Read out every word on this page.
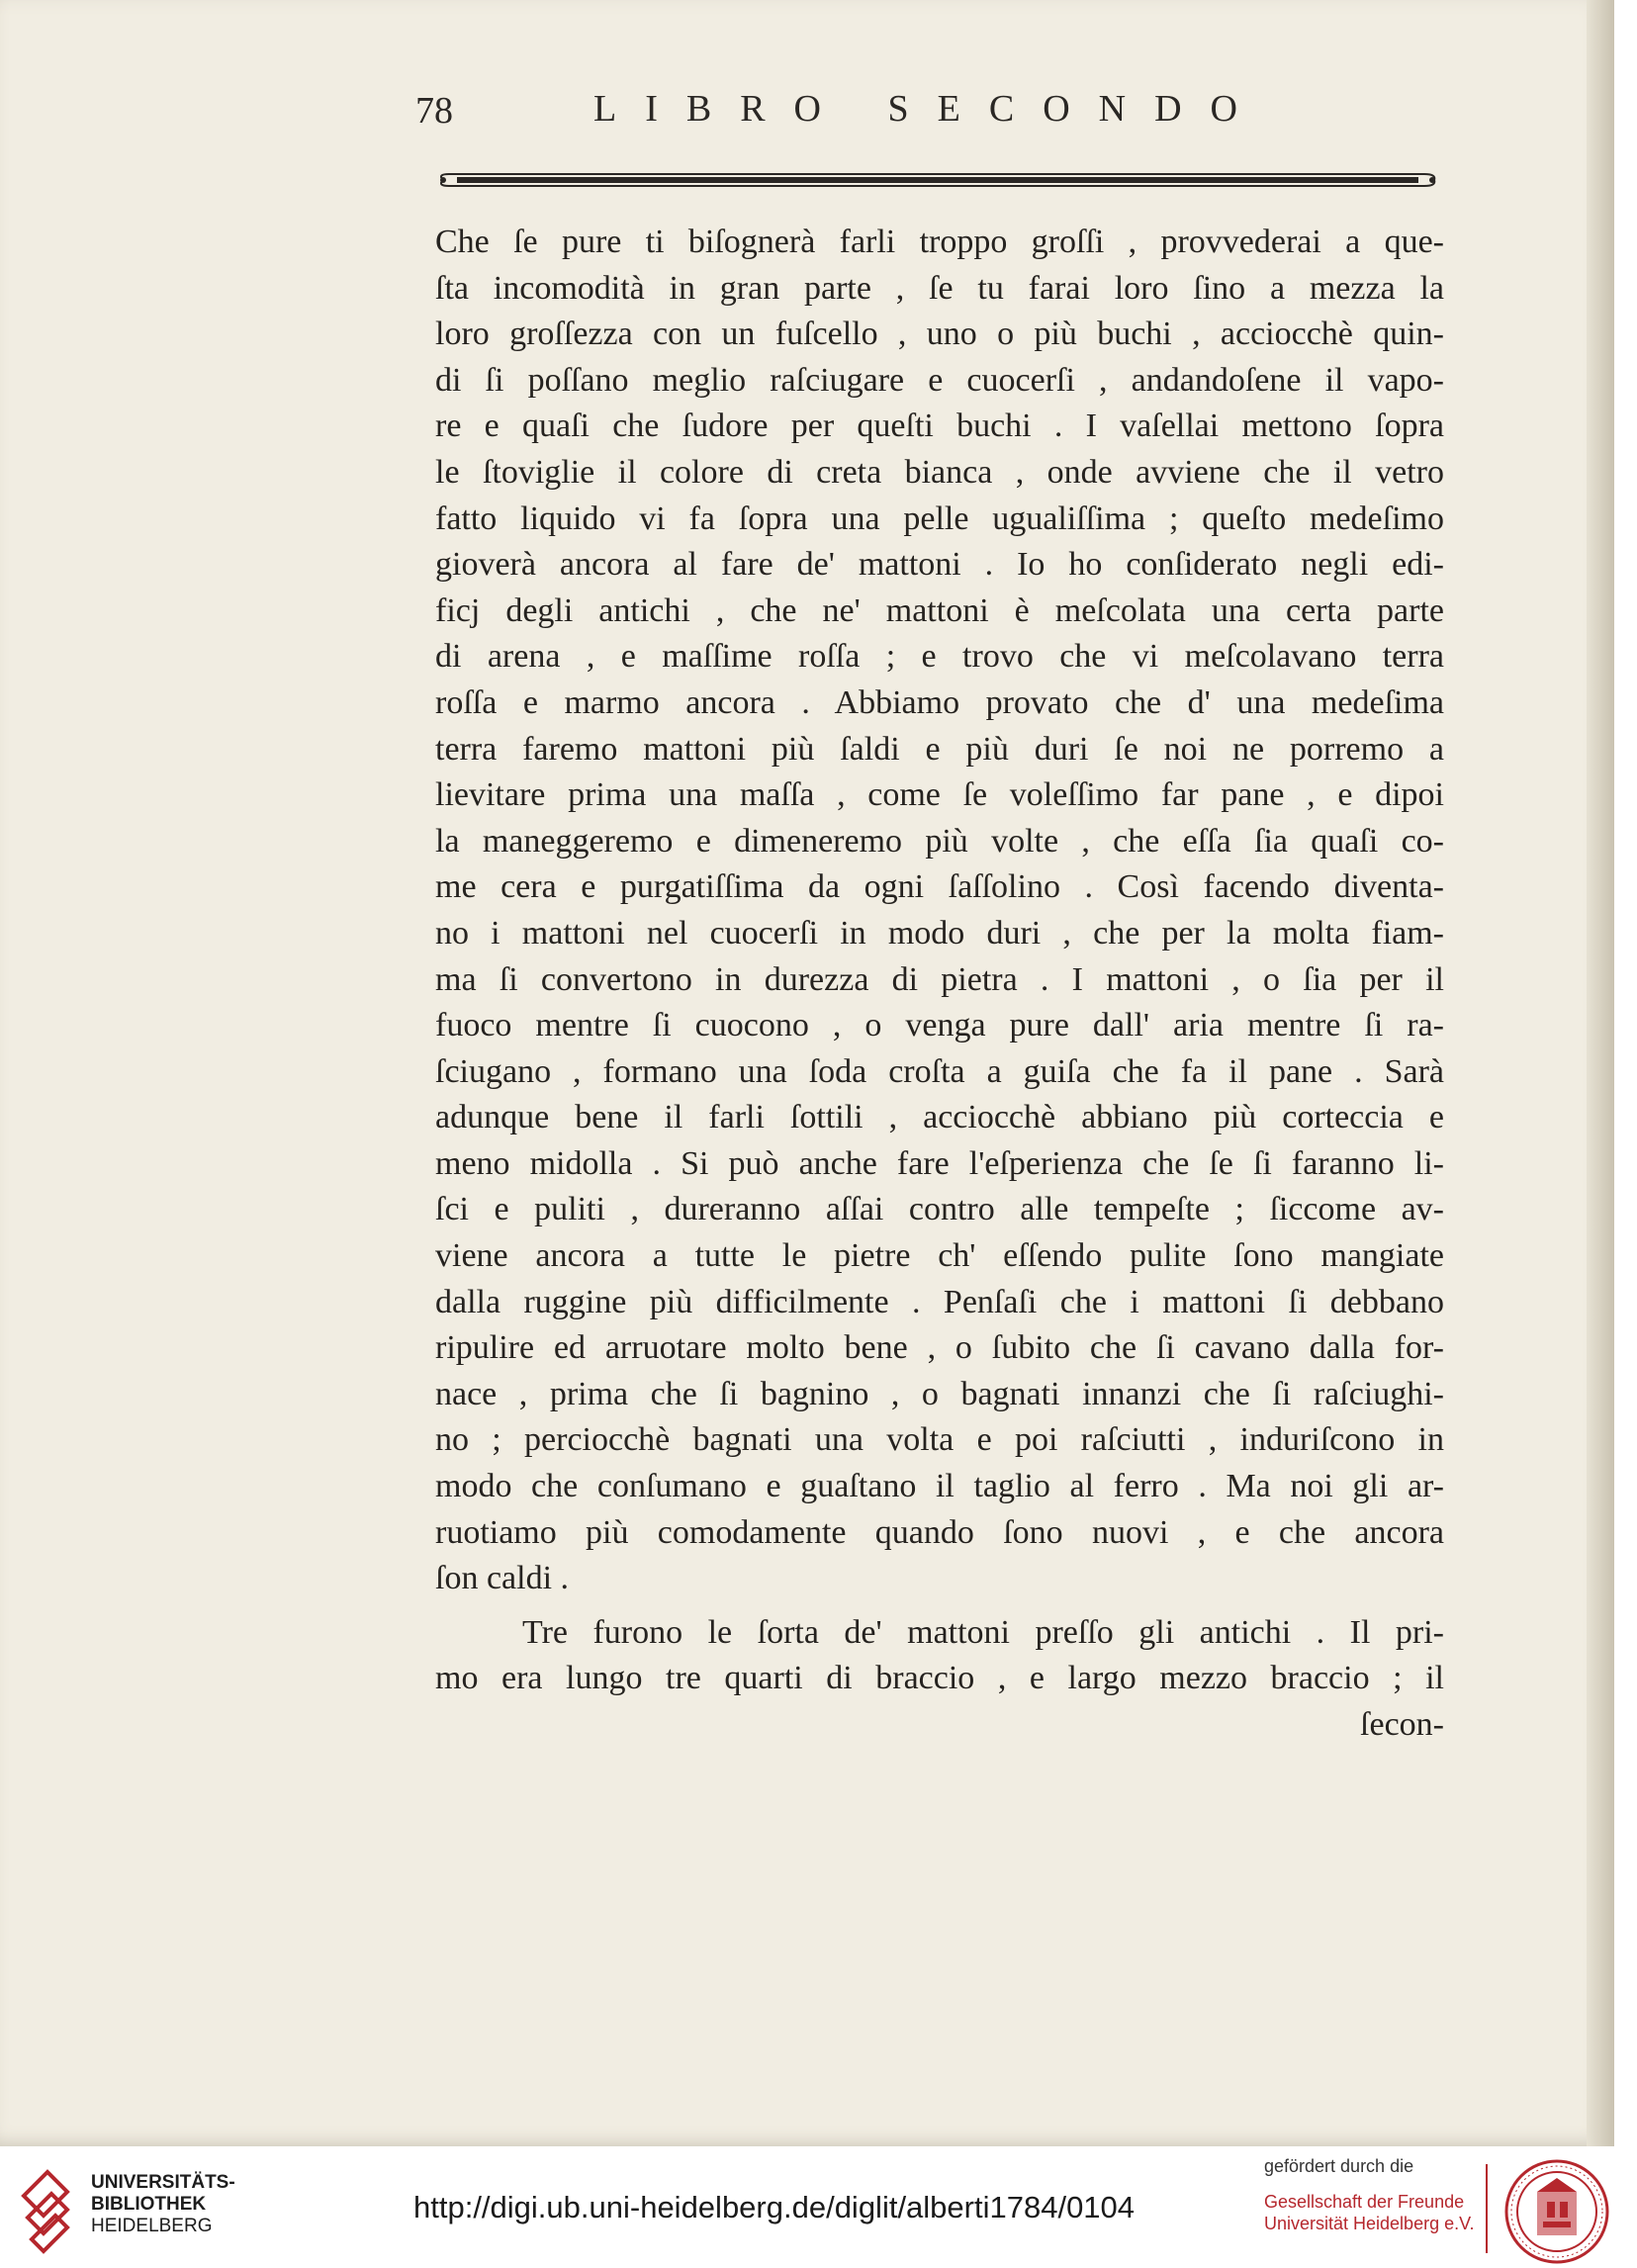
78	LIBRO SECONDO
Che ſe pure ti biſognerà farli troppo groſſi , provvederai a que-
ſta incomodità in gran parte , ſe tu farai loro ſino a mezza la
loro groſſezza con un fuſcello , uno o più buchi , acciocchè quin-
di ſi poſſano meglio raſciugare e cuocerſi , andandoſene il vapo-
re e quaſi che ſudore per queſti buchi . I vaſellai mettono ſopra
le ſtoviglie il colore di creta bianca , onde avviene che il vetro
fatto liquido vi fa ſopra una pelle ugualiſſima ; queſto medeſimo
gioverà ancora al fare de' mattoni . Io ho conſiderato negli edi-
ficj degli antichi , che ne' mattoni è meſcolata una certa parte
di arena , e maſſime roſſa ; e trovo che vi meſcolavano terra
roſſa e marmo ancora . Abbiamo provato che d' una medeſima
terra faremo mattoni più ſaldi e più duri ſe noi ne porremo a
lievitare prima una maſſa , come ſe voleſſimo far pane , e dipoi
la maneggeremo e dimeneremo più volte , che eſſa ſia quaſi co-
me cera e purgatiſſima da ogni ſaſſolino . Così facendo diventa-
no i mattoni nel cuocerſi in modo duri , che per la molta fiam-
ma ſi convertono in durezza di pietra . I mattoni , o ſia per il
fuoco mentre ſi cuocono , o venga pure dall' aria mentre ſi ra-
ſciugano , formano una ſoda croſta a guiſa che fa il pane . Sarà
adunque bene il farli ſottili , acciocchè abbiano più corteccia e
meno midolla . Si può anche fare l'eſperienza che ſe ſi faranno li-
ſci e puliti , dureranno aſſai contro alle tempeſte ; ſiccome av-
viene ancora a tutte le pietre ch' eſſendo pulite ſono mangiate
dalla ruggine più difficilmente . Penſaſi che i mattoni ſi debbano
ripulire ed arruotare molto bene , o ſubito che ſi cavano dalla for-
nace , prima che ſi bagnino , o bagnati innanzi che ſi raſciughi-
no ; perciocchè bagnati una volta e poi raſciutti , induriſcono in
modo che conſumano e guaſtano il taglio al ferro . Ma noi gli ar-
ruotiamo più comodamente quando ſono nuovi , e che ancora
ſon caldi .
Tre furono le ſorta de' mattoni preſſo gli antichi . Il pri-
mo era lungo tre quarti di braccio , e largo mezzo braccio ; il
ſecon-
UNIVERSITÄTS-
BIBLIOTHEK
HEIDELBERG
http://digi.ub.uni-heidelberg.de/diglit/alberti1784/0104
gefördert durch die
Gesellschaft der Freunde
Universität Heidelberg e.V.
